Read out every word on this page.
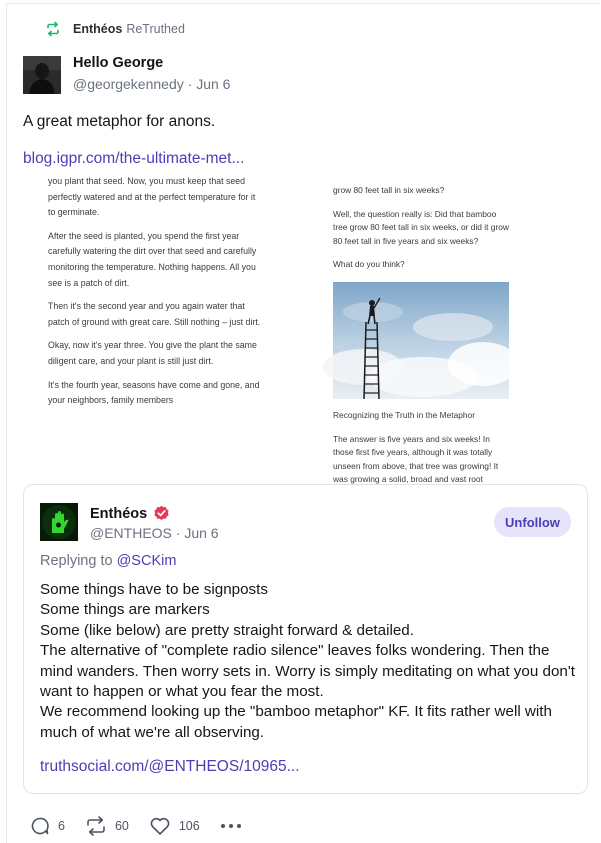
Enthéos ReTruthed
Hello George
@georgekennedy · Jun 6
A great metaphor for anons.
blog.igpr.com/the-ultimate-met...

you plant that seed. Now, you must keep that seed perfectly watered and at the perfect temperature for it to germinate.

After the seed is planted, you spend the first year carefully watering the dirt over that seed and carefully monitoring the temperature. Nothing happens. All you see is a patch of dirt.

Then it's the second year and you again water that patch of ground with great care. Still nothing – just dirt.

Okay, now it's year three. You give the plant the same diligent care, and your plant is still just dirt.

It's the fourth year, seasons have come and gone, and your neighbors, family members

grow 80 feet tall in six weeks?

Well, the question really is: Did that bamboo tree grow 80 feet tall in six weeks, or did it grow 80 feet tall in five years and six weeks?

What do you think?

Recognizing the Truth in the Metaphor

The answer is five years and six weeks! In those first five years, although it was totally unseen from above, that tree was growing! It was growing a solid, broad and vast root

Enthéos
@ENTHEOS · Jun 6
Unfollow
Replying to @SCKim
Some things have to be signposts
Some things are markers
Some (like below) are pretty straight forward & detailed.
The alternative of "complete radio silence" leaves folks wondering. Then the mind wanders. Then worry sets in. Worry is simply meditating on what you don't want to happen or what you fear the most.
We recommend looking up the "bamboo metaphor" KF. It fits rather well with much of what we're all observing.
truthsocial.com/@ENTHEOS/10965...
6	60	106
